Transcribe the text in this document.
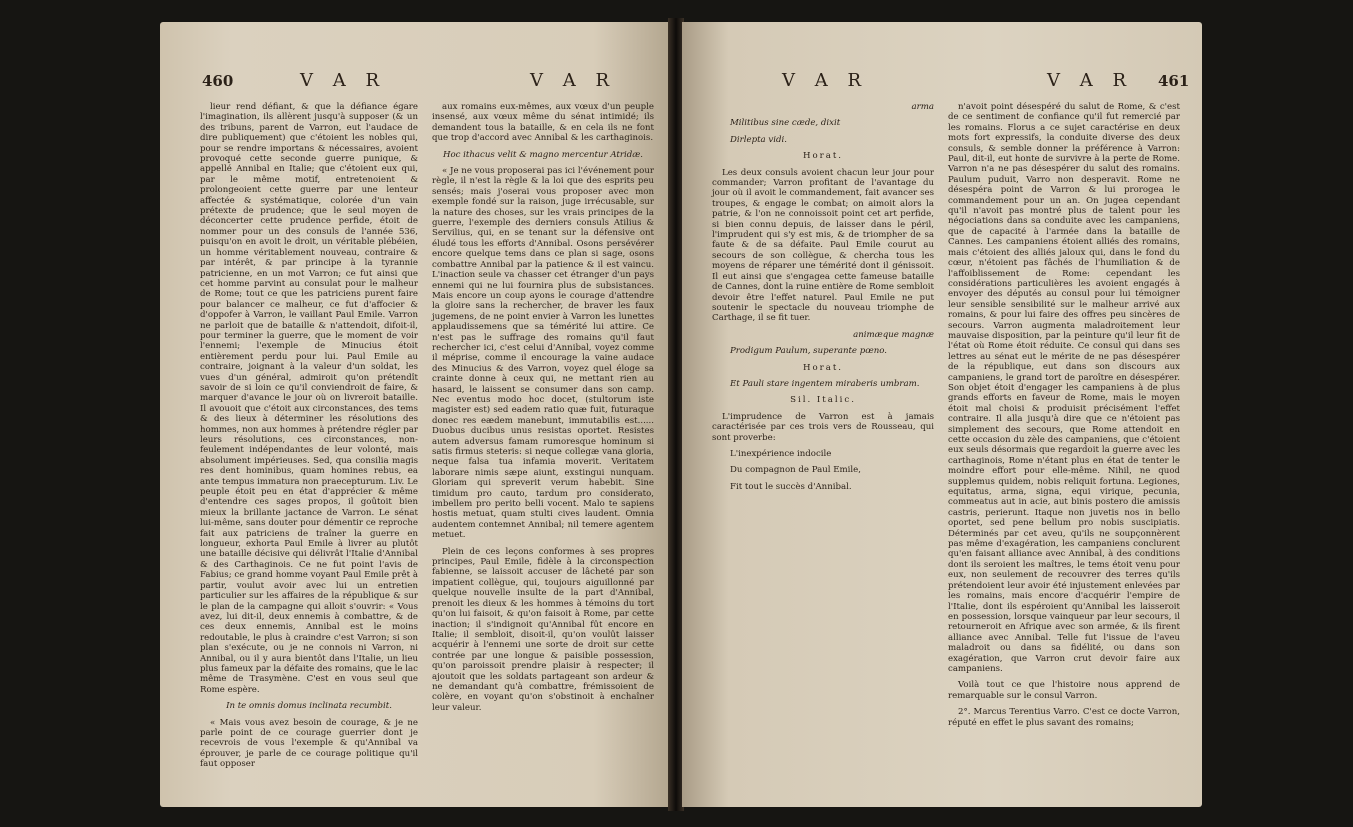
460	V A R	V A R

lieur rend défiant, & que la défiance égare l'imagination, ils allèrent jusqu'à supposer (& un des tribuns, parent de Varron, eut l'audace de dire publiquement) que c'étoient les nobles qui, pour se rendre importans & nécessaires, avoient provoqué cette seconde guerre punique, & appellé Annibal en Italie; que c'étoient eux qui, par le même motif, entretenoient & prolongeoient cette guerre par une lenteur affectée & systématique, colorée d'un vain prétexte de prudence; que le seul moyen de déconcerter cette prudence perfide, étoit de nommer pour un des consuls de l'année 536, puisqu'on en avoit le droit, un véritable plébéien, un homme véritablement nouveau, contraire & par intérêt, & par principe à la tyrannie patricienne, en un mot Varron; ce fut ainsi que cet homme parvint au consulat pour le malheur de Rome; tout ce que les patriciens purent faire pour balancer ce malheur, ce fut d'affocier & d'oppofer à Varron, le vaillant Paul Emile. Varron ne parloit que de bataille & n'attendoit, difoit-il, pour terminer la guerre, que le moment de voir l'ennemi; l'exemple de Minucius étoit entièrement perdu pour lui. Paul Emile au contraire, joignant à la valeur d'un soldat, les vues d'un général, admiroit qu'on prétendît savoir de si loin ce qu'il conviendroit de faire, & marquer d'avance le jour où on livreroit bataille. Il avouoit que c'étoit aux circonstances, des tems & des lieux à déterminer les résolutions des hommes, non aux hommes à prétendre régler par leurs résolutions, ces circonstances, non-feulement indépendantes de leur volonté, mais absolument impérieuses. Sed, qua consilia magis res dent hominibus, quam homines rebus, ea ante tempus immatura non praecepturum. Liv. Le peuple étoit peu en état d'apprécier & même d'entendre ces sages propos, il goûtoit bien mieux la brillante jactance de Varron. Le sénat lui-même, sans douter pour démentir ce reproche fait aux patriciens de traîner la guerre en longueur, exhorta Paul Emile à livrer au plutôt une bataille décisive qui délivrât l'Italie d'Annibal & des Carthaginois. Ce ne fut point l'avis de Fabius; ce grand homme voyant Paul Emile prêt à partir, voulut avoir avec lui un entretien particulier sur les affaires de la république & sur le plan de la campagne qui alloit s'ouvrir: « Vous avez, lui dit-il, deux ennemis à combattre, & de ces deux ennemis, Annibal est le moins redoutable, le plus à craindre c'est Varron; si son plan s'exécute, ou je ne connois ni Varron, ni Annibal, ou il y aura bientôt dans l'Italie, un lieu plus fameux par la défaite des romains, que le lac même de Trasymène. C'est en vous seul que Rome espère.

In te omnis domus inclinata recumbit.

« Mais vous avez besoin de courage, & je ne parle point de ce courage guerrier dont je recevrois de vous l'exemple & qu'Annibal va éprouver, je parle de ce courage politique qu'il faut opposer

aux romains eux-mêmes, aux vœux d'un peuple insensé, aux vœux même du sénat intimidé; ils demandent tous la bataille, & en cela ils ne font que trop d'accord avec Annibal & les carthaginois.

Hoc ithacus velit & magno mercentur Atridæ.

« Je ne vous proposerai pas ici l'événement pour règle, il n'est la règle & la loi que des esprits peu sensés; mais j'oserai vous proposer avec mon exemple fondé sur la raison, juge irrécusable, sur la nature des choses, sur les vrais principes de la guerre, l'exemple des derniers consuls Atilius & Servilius, qui, en se tenant sur la défensive ont éludé tous les efforts d'Annibal. Osons persévérer encore quelque tems dans ce plan si sage, osons combattre Annibal par la patience & il est vaincu. L'inaction seule va chasser cet étranger d'un pays ennemi qui ne lui fournira plus de subsistances. Mais encore un coup ayons le courage d'attendre la gloire sans la rechercher, de braver les faux jugemens, de ne point envier à Varron les lunettes applaudissemens que sa témérité lui attire. Ce n'est pas le suffrage des romains qu'il faut rechercher ici, c'est celui d'Annibal, voyez comme il méprise, comme il encourage la vaine audace des Minucius & des Varron, voyez quel éloge sa crainte donne à ceux qui, ne mettant rien au hasard, le laissent se consumer dans son camp. Nec eventus modo hoc docet, (stultorum iste magister est) sed eadem ratio quæ fuit, futuraque donec res eædem manebunt, immutabilis est...... Duobus ducibus unus resistas oportet. Resistes autem adversus famam rumoresque hominum si satis firmus steteris: si neque collegæ vana gloria, neque falsa tua infamia moverit. Veritatem laborare nimis sæpe aiunt, exstingui nunquam. Gloriam qui spreverit verum habebit. Sine timidum pro cauto, tardum pro considerato, imbellem pro perito belli vocent. Malo te sapiens hostis metuat, quam stulti cives laudent. Omnia audentem contemnet Annibal; nil temere agentem metuet.

Plein de ces leçons conformes à ses propres principes, Paul Emile, fidèle à la circonspection fabienne, se laissoit accuser de lâcheté par son impatient collègue, qui, toujours aiguillonné par quelque nouvelle insulte de la part d'Annibal, prenoit les dieux & les hommes à témoins du tort qu'on lui faisoit, & qu'on faisoit à Rome, par cette inaction; il s'indignoit qu'Annibal fût encore en Italie; il sembloit, disoit-il, qu'on voulût laisser acquérir à l'ennemi une sorte de droit sur cette contrée par une longue & paisible possession, qu'on paroissoit prendre plaisir à respecter; il ajoutoit que les soldats partageant son ardeur & ne demandant qu'à combattre, frémissoient de colère, en voyant qu'on s'obstinoit à enchaîner leur valeur.

V A R	V A R 461

arma

Militibus sine cæde, dixit

Dirlepta vidi.

Horat.

Les deux consuls avoient chacun leur jour pour commander; Varron profitant de l'avantage du jour où il avoit le commandement, fait avancer ses troupes, & engage le combat; on aimoit alors la patrie, & l'on ne connoissoit point cet art perfide, si bien connu depuis, de laisser dans le péril, l'imprudent qui s'y est mis, & de triompher de sa faute & de sa défaite. Paul Emile courut au secours de son collègue, & chercha tous les moyens de réparer une témérité dont il génissoit. Il eut ainsi que s'engagea cette fameuse bataille de Cannes, dont la ruine entière de Rome sembloit devoir être l'effet naturel. Paul Emile ne put soutenir le spectacle du nouveau triomphe de Carthage, il se fit tuer.

animæque magnæ

Prodigum Paulum, superante pœno.

Horat.

Et Pauli stare ingentem miraberis umbram.

Sil. Italic.

L'imprudence de Varron est à jamais caractérisée par ces trois vers de Rousseau, qui sont proverbe:

L'inexpérience indocile

Du compagnon de Paul Emile,

Fit tout le succès d'Annibal.

n'avoit point désespéré du salut de Rome, & c'est de ce sentiment de confiance qu'il fut remercié par les romains. Florus a ce sujet caractérise en deux mots fort expressifs, la conduite diverse des deux consuls, & semble donner la préférence à Varron: Paul, dit-il, eut honte de survivre à la perte de Rome. Varron n'a ne pas désespérer du salut des romains. Paulum puduit, Varro non desperavit. Rome ne désespéra point de Varron & lui prorogea le commandement pour un an. On jugea cependant qu'il n'avoit pas montré plus de talent pour les négociations dans sa conduite avec les campaniens, que de capacité à l'armée dans la bataille de Cannes. Les campaniens étoient alliés des romains, mais c'étoient des alliés jaloux qui, dans le fond du cœur, n'étoient pas fâchés de l'humiliation & de l'affoiblissement de Rome: cependant les considérations particulières les avoient engagés à envoyer des députés au consul pour lui témoigner leur sensible sensibilité sur le malheur arrivé aux romains, & pour lui faire des offres peu sincères de secours. Varron augmenta maladroitement leur mauvaise disposition, par la peinture qu'il leur fit de l'état où Rome étoit réduite. Ce consul qui dans ses lettres au sénat eut le mérite de ne pas désespérer de la république, eut dans son discours aux campaniens, le grand tort de paroître en désespérer. Son objet étoit d'engager les campaniens à de plus grands efforts en faveur de Rome, mais le moyen étoit mal choisi & produisit précisément l'effet contraire. Il alla jusqu'à dire que ce n'étoient pas simplement des secours, que Rome attendoit en cette occasion du zèle des campaniens, que c'étoient eux seuls désormais que regardoit la guerre avec les carthaginois, Rome n'étant plus en état de tenter le moindre effort pour elle-même. Nihil, ne quod supplemus quidem, nobis reliquit fortuna. Legiones, equitatus, arma, signa, equi virique, pecunia, commeatus aut in acie, aut binis postero die amissis castris, perierunt. Itaque non juvetis nos in bello oportet, sed pene bellum pro nobis suscipiatis. Déterminés par cet aveu, qu'ils ne soupçonnèrent pas même d'exagération, les campaniens conclurent qu'en faisant alliance avec Annibal, à des conditions dont ils seroient les maîtres, le tems étoit venu pour eux, non seulement de recouvrer des terres qu'ils prétendoient leur avoir été injustement enlevées par les romains, mais encore d'acquérir l'empire de l'Italie, dont ils espéroient qu'Annibal les laisseroit en possession, lorsque vainqueur par leur secours, il retourneroit en Afrique avec son armée, & ils firent alliance avec Annibal. Telle fut l'issue de l'aveu maladroit ou dans sa fidélité, ou dans son exagération, que Varron crut devoir faire aux campaniens.

Voilà tout ce que l'histoire nous apprend de remarquable sur le consul Varron.

2°. Marcus Terentius Varro. C'est ce docte Varron, réputé en effet le plus savant des romains;
